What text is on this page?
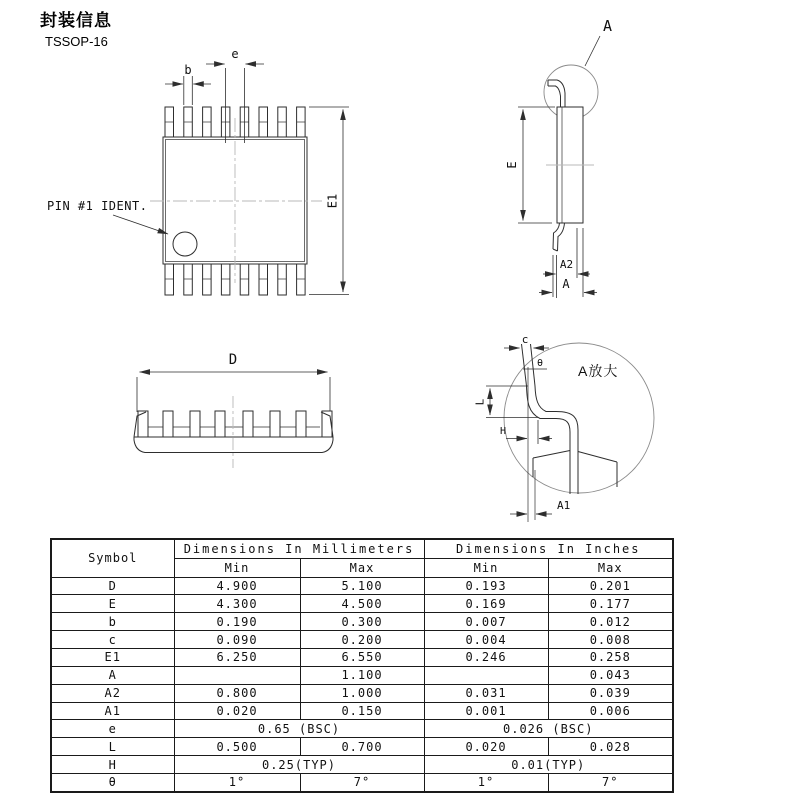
封装信息
TSSOP-16
b
e
E1
PIN #1 IDENT.
A
E
A2
A
D
A放大
c
θ
L
H
A1
Symbol	Dimensions In Millimeters		Dimensions In Inches	
	Min	Max	Min	Max
D	4.900	5.100	0.193	0.201
E	4.300	4.500	0.169	0.177
b	0.190	0.300	0.007	0.012
c	0.090	0.200	0.004	0.008
E1	6.250	6.550	0.246	0.258
A		1.100		0.043
A2	0.800	1.000	0.031	0.039
A1	0.020	0.150	0.001	0.006
e	0.65 (BSC)		0.026 (BSC)	
L	0.500	0.700	0.020	0.028
H	0.25(TYP)		0.01(TYP)	
θ	1°	7°	1°	7°
